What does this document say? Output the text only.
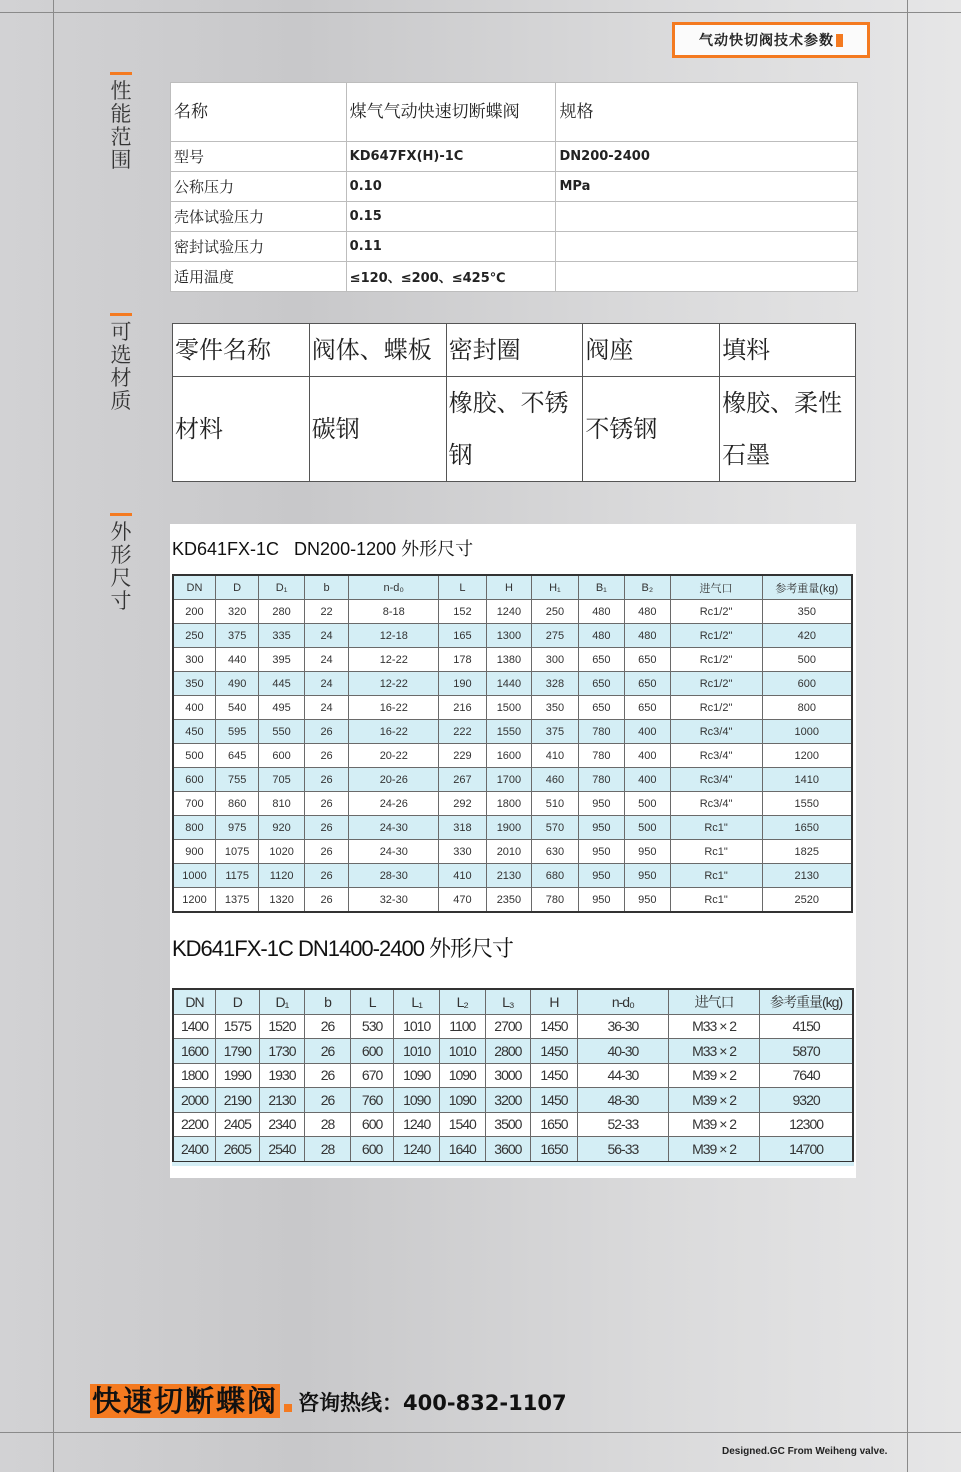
气动快切阀技术参数
性能范围
可选材质
外形尺寸
名称	煤气气动快速切断蝶阀	规格
型号	KD647FX(H)-1C	DN200-2400
公称压力	0.10	MPa
壳体试验压力	0.15	
密封试验压力	0.11	
适用温度	≤120、≤200、≤425℃	
零件名称	阀体、蝶板	密封圈	阀座	填料
材料	碳钢	橡胶、不锈钢	不锈钢	橡胶、柔性石墨
KD641FX-1C   DN200-1200 外形尺寸
DN	D	D₁	b	n-d₀	L	H	H₁	B₁	B₂	进气口	参考重量(kg)
200	320	280	22	8-18	152	1240	250	480	480	Rc1/2"	350
250	375	335	24	12-18	165	1300	275	480	480	Rc1/2"	420
300	440	395	24	12-22	178	1380	300	650	650	Rc1/2"	500
350	490	445	24	12-22	190	1440	328	650	650	Rc1/2"	600
400	540	495	24	16-22	216	1500	350	650	650	Rc1/2"	800
450	595	550	26	16-22	222	1550	375	780	400	Rc3/4"	1000
500	645	600	26	20-22	229	1600	410	780	400	Rc3/4"	1200
600	755	705	26	20-26	267	1700	460	780	400	Rc3/4"	1410
700	860	810	26	24-26	292	1800	510	950	500	Rc3/4"	1550
800	975	920	26	24-30	318	1900	570	950	500	Rc1"	1650
900	1075	1020	26	24-30	330	2010	630	950	950	Rc1"	1825
1000	1175	1120	26	28-30	410	2130	680	950	950	Rc1"	2130
1200	1375	1320	26	32-30	470	2350	780	950	950	Rc1"	2520
KD641FX-1C DN1400-2400 外形尺寸
DN	D	D₁	b	L	L₁	L₂	L₃	H	n-d₀	进气口	参考重量(kg)
1400	1575	1520	26	530	1010	1100	2700	1450	36-30	M33 × 2	4150
1600	1790	1730	26	600	1010	1010	2800	1450	40-30	M33 × 2	5870
1800	1990	1930	26	670	1090	1090	3000	1450	44-30	M39 × 2	7640
2000	2190	2130	26	760	1090	1090	3200	1450	48-30	M39 × 2	9320
2200	2405	2340	28	600	1240	1540	3500	1650	52-33	M39 × 2	12300
2400	2605	2540	28	600	1240	1640	3600	1650	56-33	M39 × 2	14700
快速切断蝶阀 咨询热线：400-832-1107
Designed.GC From Weiheng valve.
